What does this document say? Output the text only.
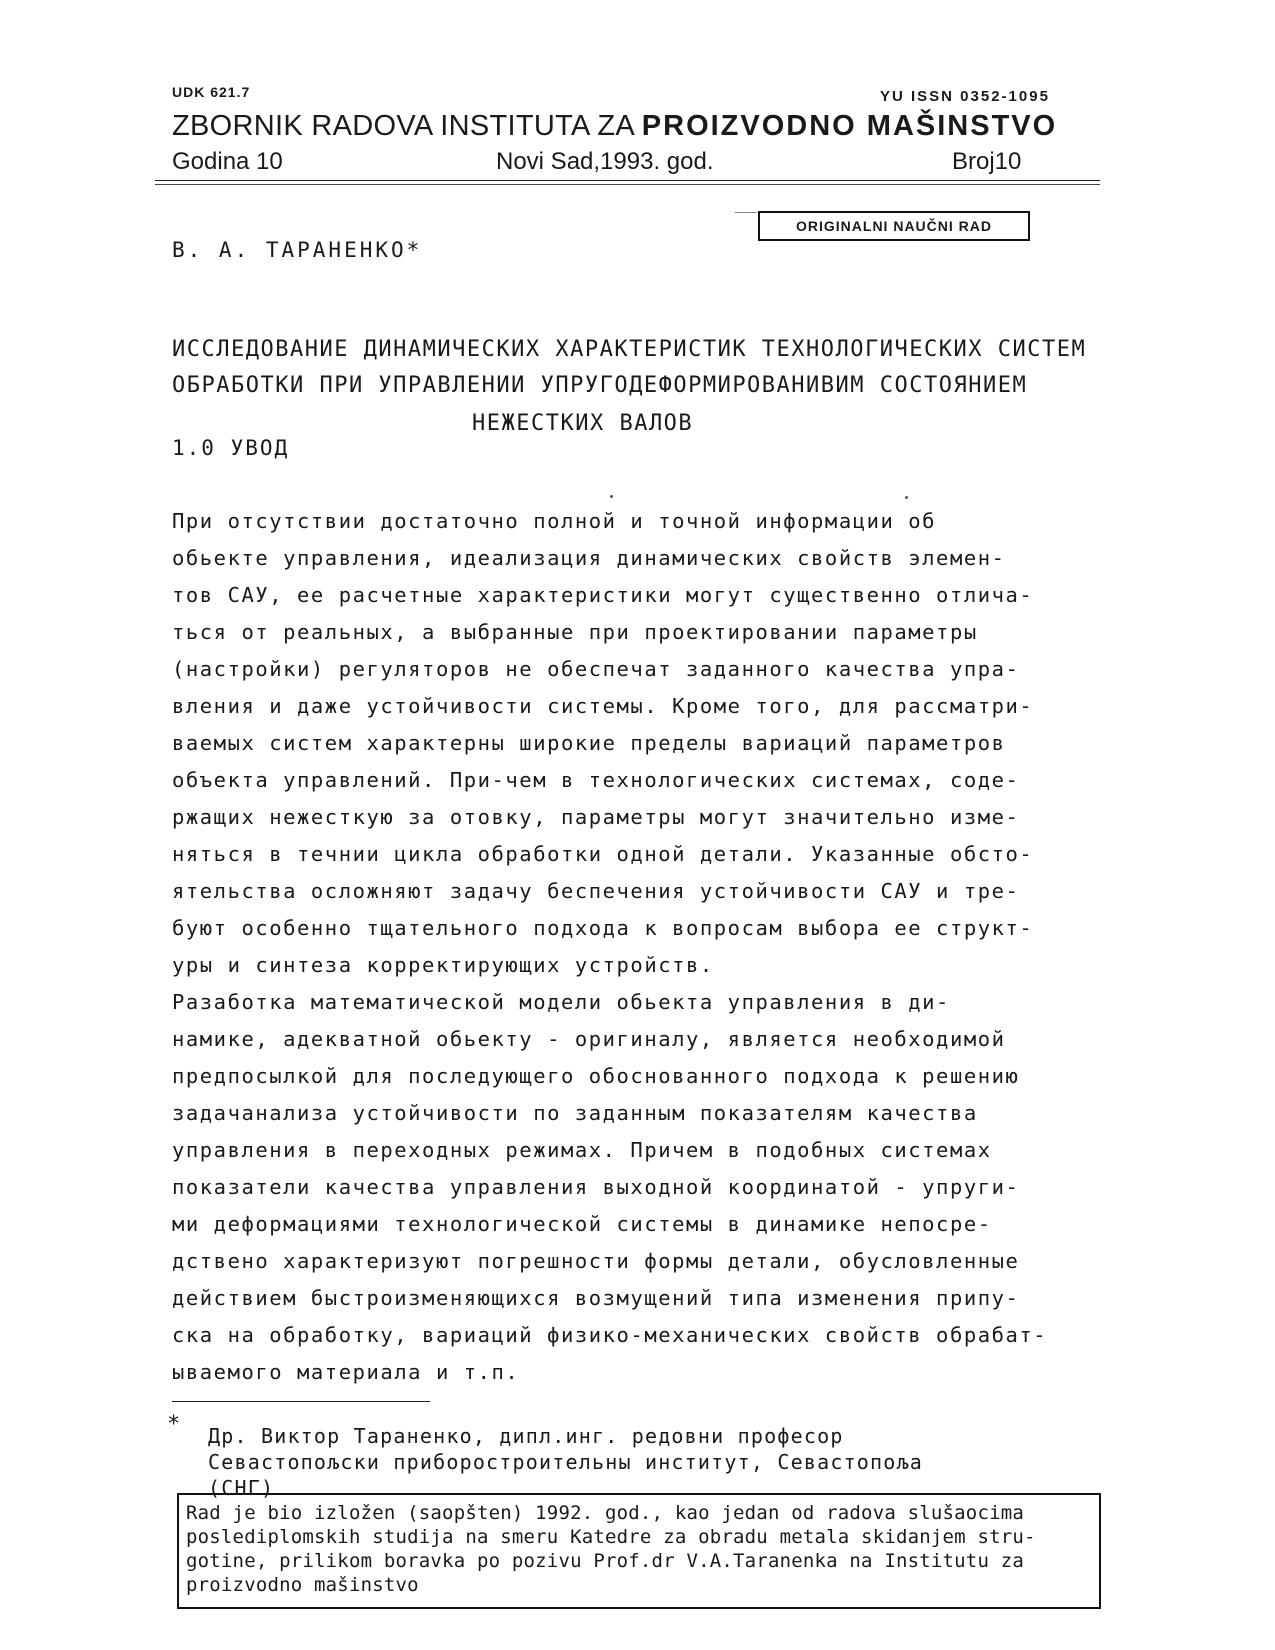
UDK 621.7	YU ISSN 0352-1095
ZBORNIK RADOVA INSTITUTA ZA PROIZVODNO MAŠINSTVO
Godina 10	Novi Sad,1993. god.	Broj10
ORIGINALNI NAUČNI RAD
В. А. ТАРАНЕНКО*
ИССЛЕДОВАНИЕ ДИНАМИЧЕСКИХ ХАРАКТЕРИСТИК ТЕХНОЛОГИЧЕСКИХ СИСТЕМ
ОБРАБОТКИ ПРИ УПРАВЛЕНИИ УПРУГОДЕФОРМИРОВАНИВИМ СОСТОЯНИЕМ
НЕЖЕСТКИХ ВАЛОВ
1.0 УВОД
При отсутствии достаточно полной и точной информации об
обьекте управления, идеализация динамических свойств элемен-
тов САУ, ее расчетные характеристики могут существенно отлича-
ться от реальных, а выбранные при проектировании параметры
(настройки) регуляторов не обеспечат заданного качества упра-
вления и даже устойчивости системы. Кроме того, для рассматри-
ваемых систем характерны широкие пределы вариаций параметров
объекта управлений. При-чем в технологических системах, соде-
ржащих нежесткую за отовку, параметры могут значительно изме-
няться в течнии цикла обработки одной детали. Указанные обсто-
ятельства осложняют задачу беспечения устойчивости САУ и тре-
буют особенно тщательного подхода к вопросам выбора ее структ-
уры и синтеза корректирующих устройств.
Разаботка математической модели обьекта управления в ди-
намике, адекватной обьекту - оригиналу, является необходимой
предпосылкой для последующего обоснованного подхода к решению
задачанализа устойчивости по заданным показателям качества
управления в переходных режимах. Причем в подобных системах
показатели качества управления выходной координатой - упруги-
ми деформациями технологической системы в динамике непосре-
дствено характеризуют погрешности формы детали, обусловленные
действием быстроизменяющихся возмущений типа изменения припу-
ска на обработку, вариаций физико-механических свойств обрабат-
ываемого материала и т.п.
* Др. Виктор Тараненко, дипл.инг. редовни професор
Севастопољски приборостроительны институт, Севастопоља
(СНГ)
Rad je bio izložen (saopšten) 1992. god., kao jedan od radova slušaocima
poslediplomskih studija na smeru Katedre za obradu metala skidanjem stru-
gotine, prilikom boravka po pozivu Prof.dr V.A.Taranenka na Institutu za
proizvodno mašinstvo
